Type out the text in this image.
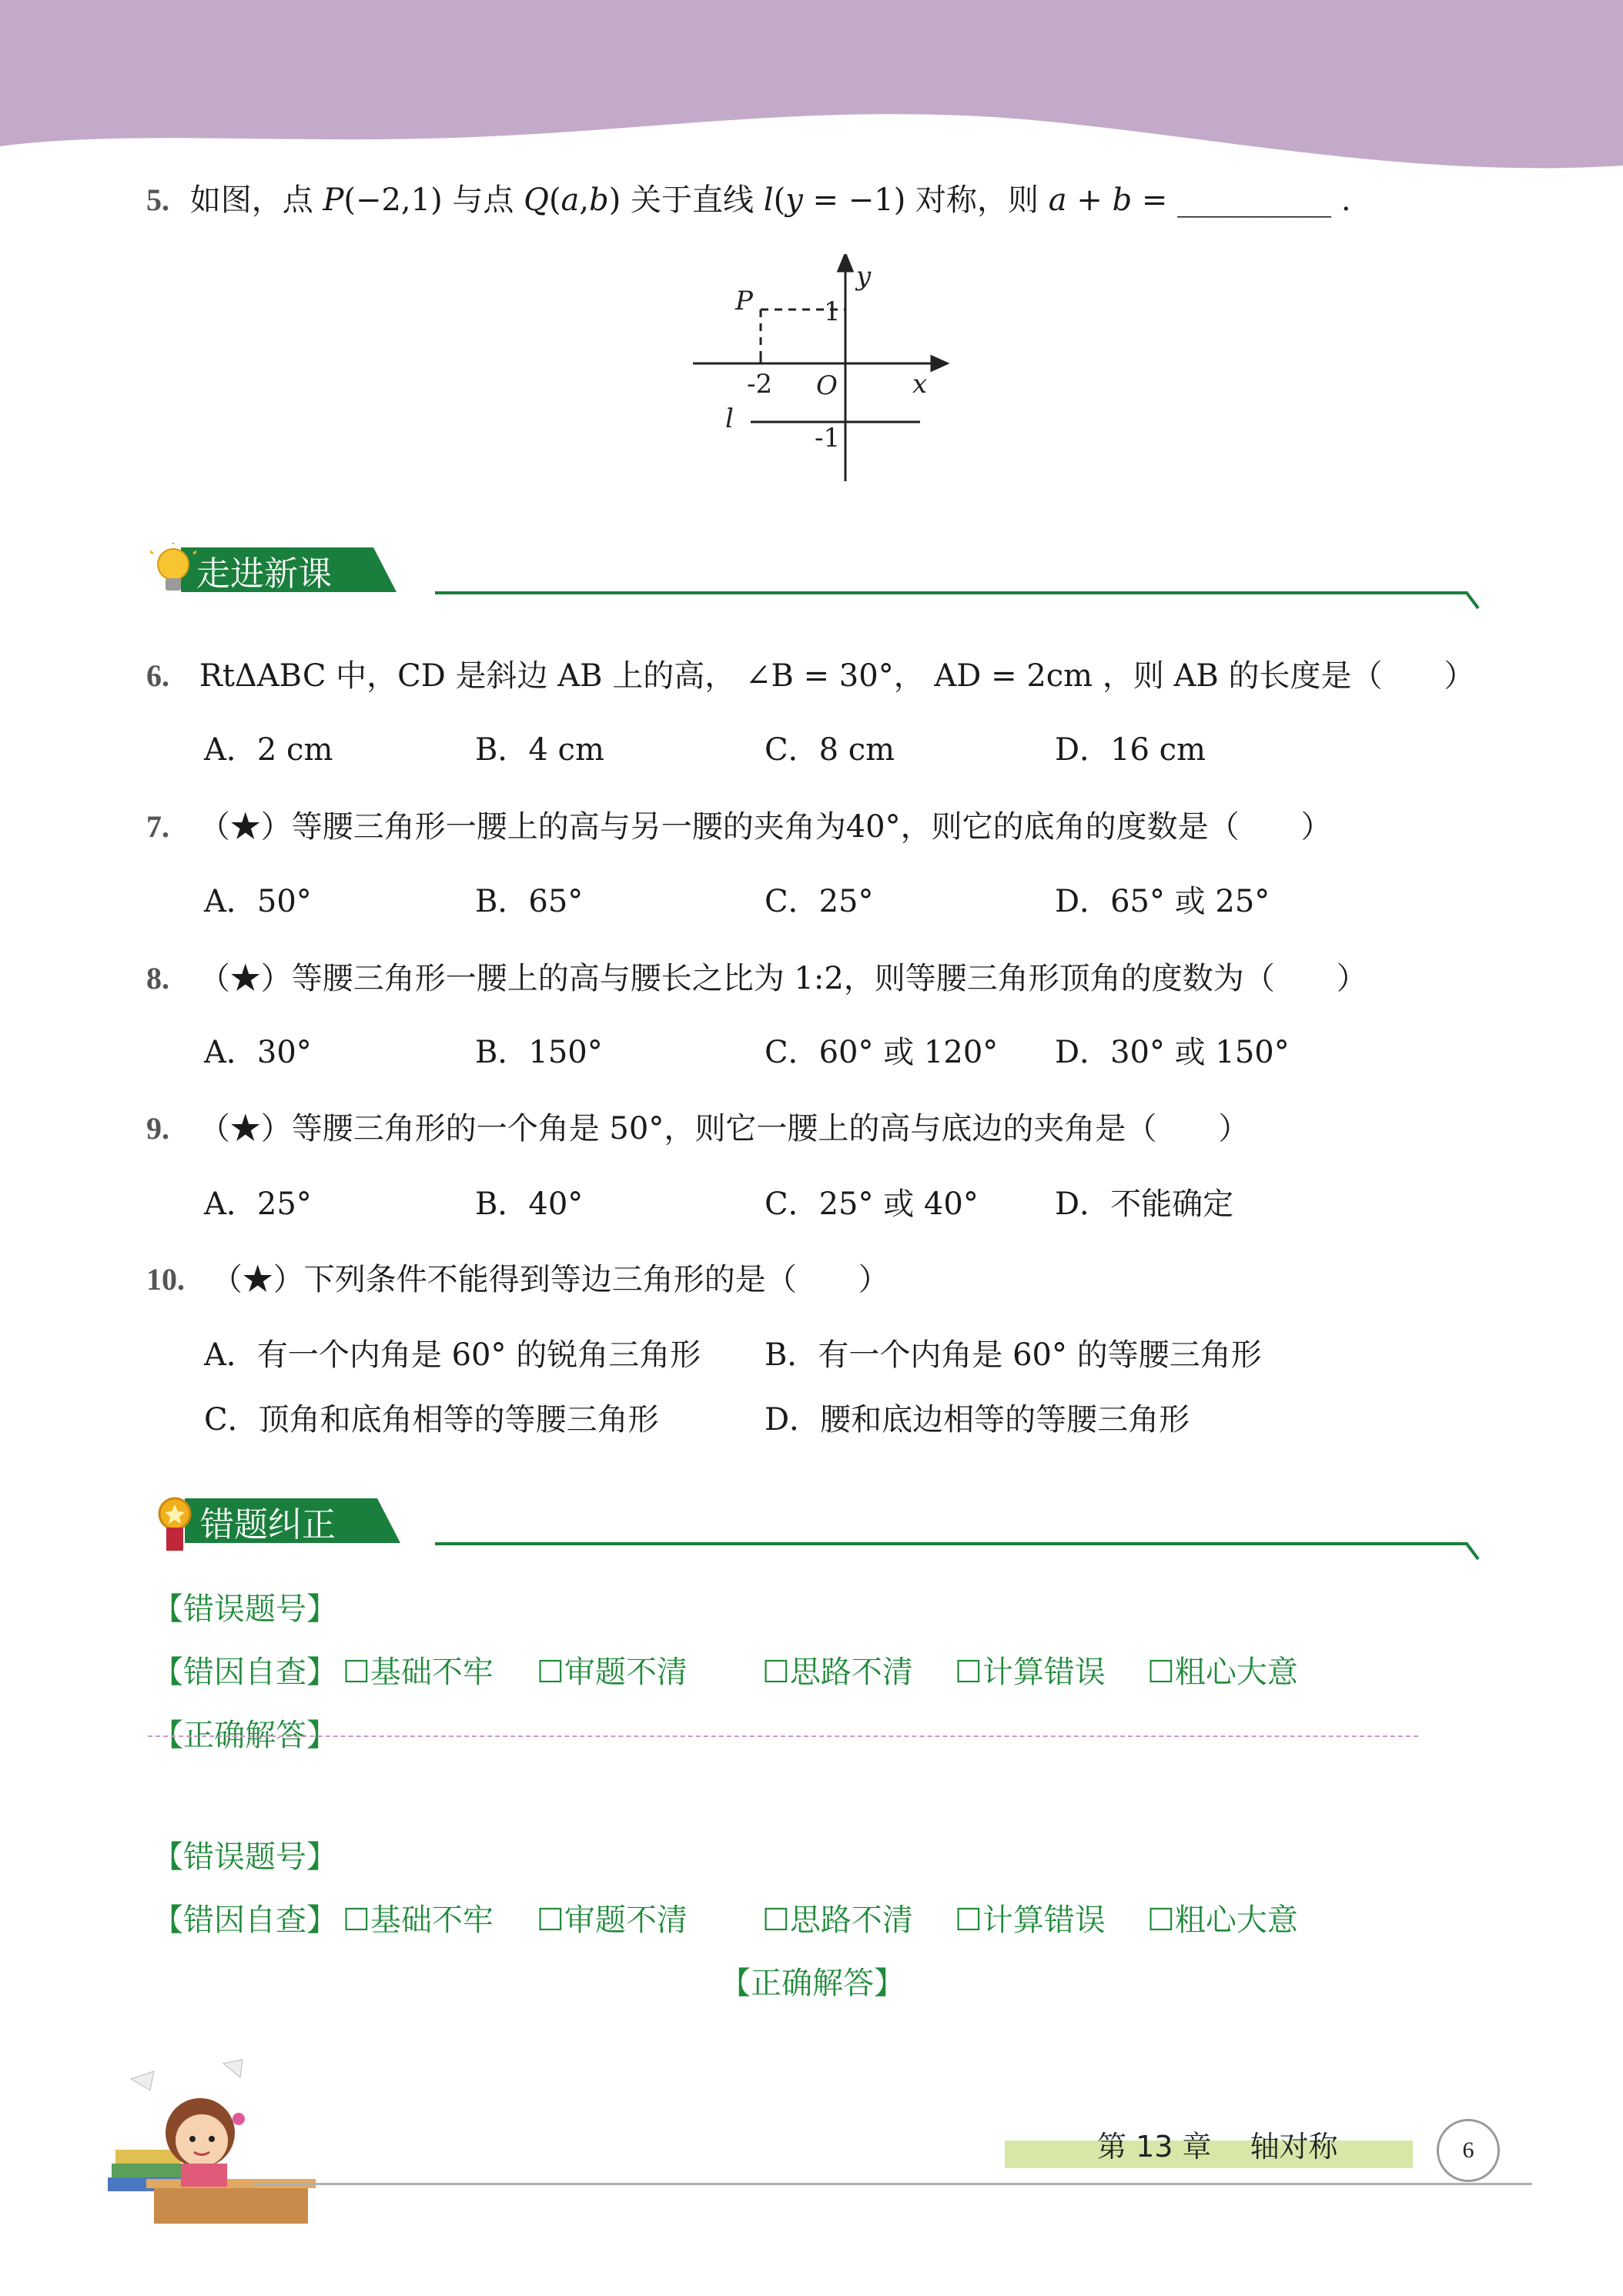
5. 如图，点 P(−2,1) 与点 Q(a,b) 关于直线 l(y = −1) 对称，则 a + b = __________ .
P
y
1
-2 O	x
l
-1
走进新课
6. RtΔABC 中，CD 是斜边 AB 上的高， ∠B = 30°， AD = 2cm ，则 AB 的长度是（　　）
A．2 cm	B．4 cm	C．8 cm	D．16 cm
7. （★）等腰三角形一腰上的高与另一腰的夹角为40°，则它的底角的度数是（　　）
A．50°	B．65°	C．25°	D．65° 或 25°
8. （★）等腰三角形一腰上的高与腰长之比为 1:2，则等腰三角形顶角的度数为（　　）
A．30°	B．150°	C．60° 或 120° D．30° 或 150°
9. （★）等腰三角形的一个角是 50°，则它一腰上的高与底边的夹角是（　　）
A．25°	B．40°	C．25° 或 40° D．不能确定
10. （★）下列条件不能得到等边三角形的是（　　）
A．有一个内角是 60° 的锐角三角形 B．有一个内角是 60° 的等腰三角形
C．顶角和底角相等的等腰三角形	D．腰和底边相等的等腰三角形
错题纠正
【错误题号】
【错因自查】 ☐基础不牢 ☐审题不清 ☐思路不清 ☐计算错误 ☐粗心大意
【正确解答】
【错误题号】
【错因自查】 ☐基础不牢 ☐审题不清 ☐思路不清 ☐计算错误 ☐粗心大意
【正确解答】
第 13 章　 轴对称	6
